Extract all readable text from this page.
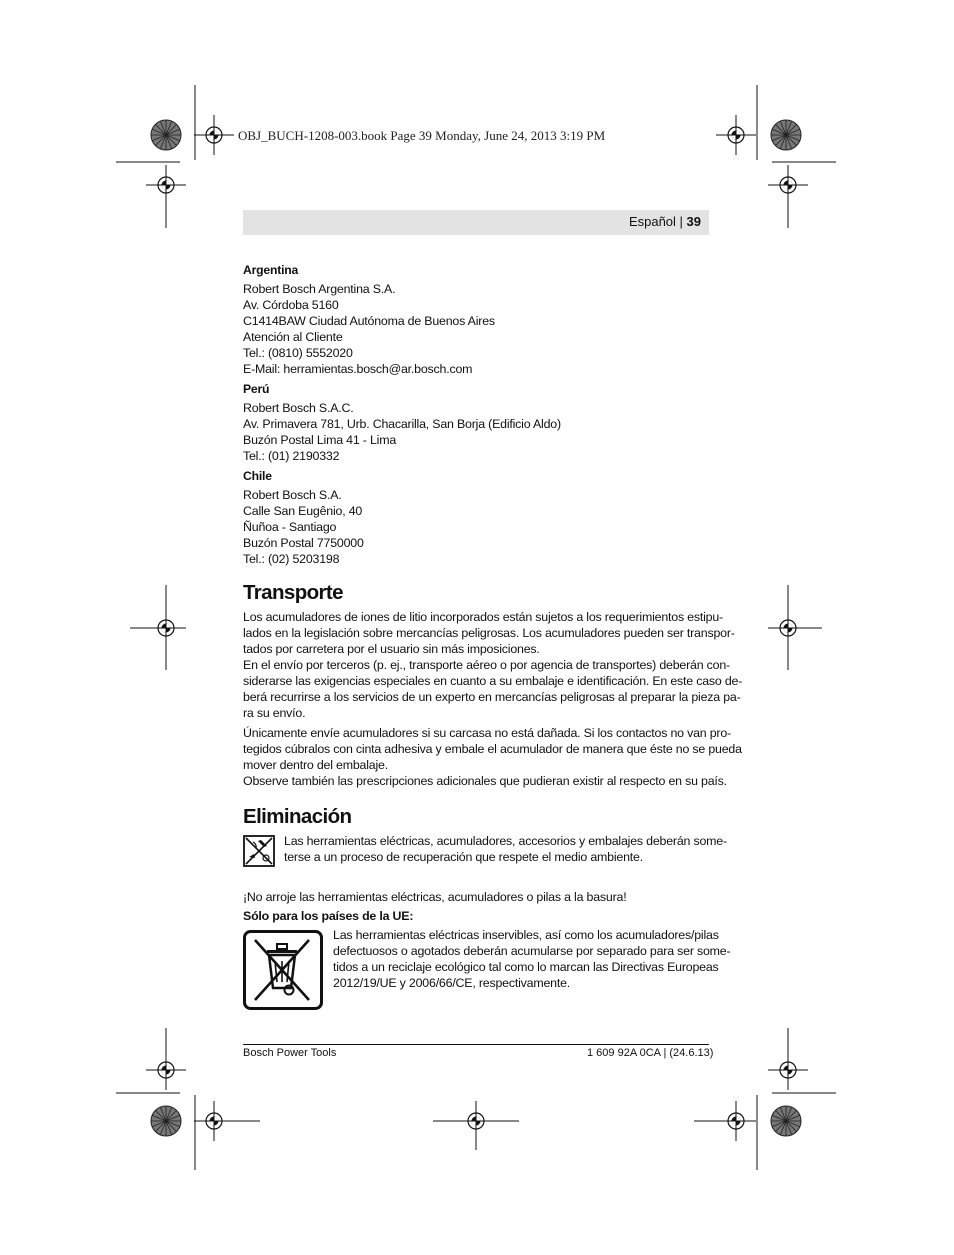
OBJ_BUCH-1208-003.book Page 39 Monday, June 24, 2013 3:19 PM
Español | 39
Argentina
Robert Bosch Argentina S.A.
Av. Córdoba 5160
C1414BAW Ciudad Autónoma de Buenos Aires
Atención al Cliente
Tel.: (0810) 5552020
E-Mail: herramientas.bosch@ar.bosch.com
Perú
Robert Bosch S.A.C.
Av. Primavera 781, Urb. Chacarilla, San Borja (Edificio Aldo)
Buzón Postal Lima 41 - Lima
Tel.: (01) 2190332
Chile
Robert Bosch S.A.
Calle San Eugênio, 40
Ñuñoa - Santiago
Buzón Postal 7750000
Tel.: (02) 5203198
Transporte
Los acumuladores de iones de litio incorporados están sujetos a los requerimientos estipu-
lados en la legislación sobre mercancías peligrosas. Los acumuladores pueden ser transpor-
tados por carretera por el usuario sin más imposiciones.
En el envío por terceros (p. ej., transporte aéreo o por agencia de transportes) deberán con-
siderarse las exigencias especiales en cuanto a su embalaje e identificación. En este caso de-
berá recurrirse a los servicios de un experto en mercancías peligrosas al preparar la pieza pa-
ra su envío.
Únicamente envíe acumuladores si su carcasa no está dañada. Si los contactos no van pro-
tegidos cúbralos con cinta adhesiva y embale el acumulador de manera que éste no se pueda
mover dentro del embalaje.
Observe también las prescripciones adicionales que pudieran existir al respecto en su país.
Eliminación
Las herramientas eléctricas, acumuladores, accesorios y embalajes deberán some-
terse a un proceso de recuperación que respete el medio ambiente.
¡No arroje las herramientas eléctricas, acumuladores o pilas a la basura!
Sólo para los países de la UE:
Las herramientas eléctricas inservibles, así como los acumuladores/pilas
defectuosos o agotados deberán acumularse por separado para ser some-
tidos a un reciclaje ecológico tal como lo marcan las Directivas Europeas
2012/19/UE y 2006/66/CE, respectivamente.
Bosch Power Tools	1 609 92A 0CA | (24.6.13)
